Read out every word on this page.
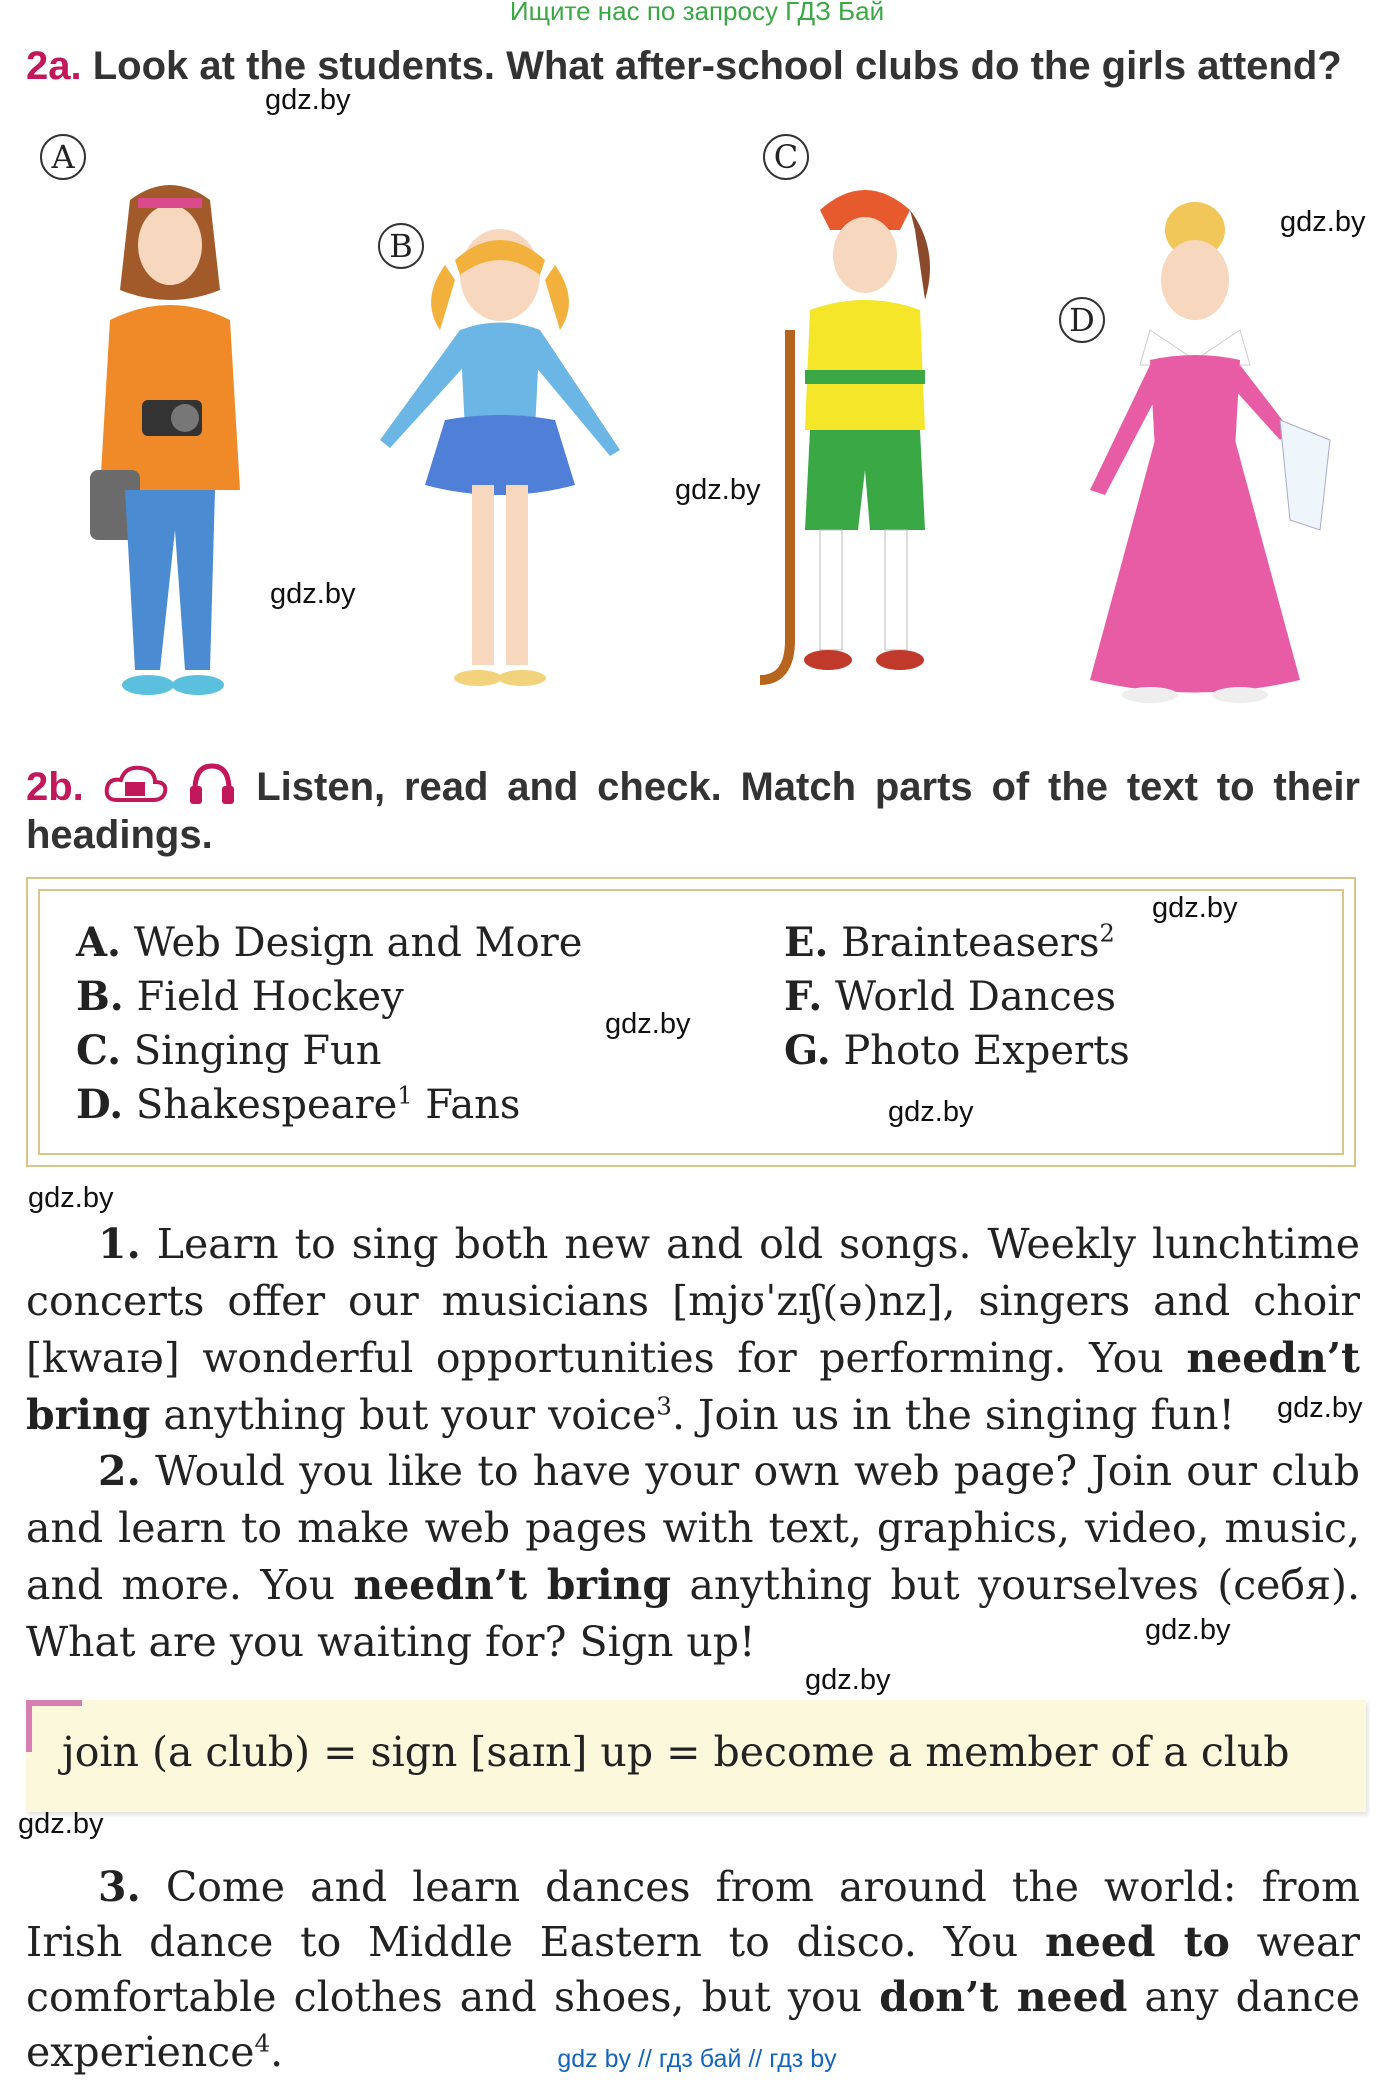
Ищите нас по запросу ГДЗ Бай
2a. Look at the students. What after-school clubs do the girls attend?
A
B
C
D
gdz.by
gdz.by
gdz.by
gdz.by
2b.	Listen, read and check. Match parts of the text to their headings.
A. Web Design and More
B. Field Hockey
C. Singing Fun
D. Shakespeare$^1$ Fans
E. Brainteasers$^2$
F. World Dances
G. Photo Experts
gdz.by
gdz.by
gdz.by
gdz.by
1. Learn to sing both new and old songs. Weekly lunchtime concerts offer our musicians [mjʊˈzɪʃ(ə)nz], singers and choir [kwaɪə] wonderful opportunities for performing. You needn’t bring anything but your voice$^3$. Join us in the singing fun!	gdz.by
2. Would you like to have your own web page? Join our club and learn to make web pages with text, graphics, video, music, and more. You needn’t bring anything but yourselves (себя). What are you waiting for? Sign up!	gdz.by
gdz.by
join (a club) = sign [saɪn] up = become a member of a club
gdz.by
3. Come and learn dances from around the world: from Irish dance to Middle Eastern to disco. You need to wear comfortable clothes and shoes, but you don’t need any dance experience$^4$.	gdz by // гдз бай // гдз by
